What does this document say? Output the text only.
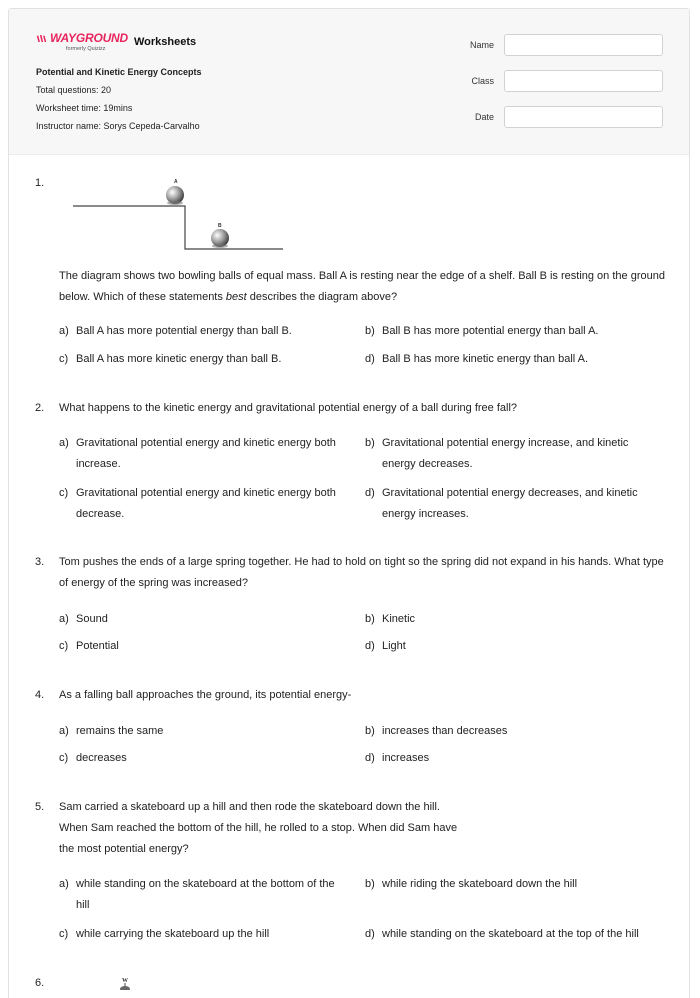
WAYGROUND
formerly Quizizz
Worksheets
Potential and Kinetic Energy Concepts
Total questions: 20
Worksheet time: 19mins
Instructor name: Sorys Cepeda-Carvalho
Name
Class
Date
1.	A
B
The diagram shows two bowling balls of equal mass. Ball A is resting near the edge of a shelf. Ball B is resting on the ground below. Which of these statements best describes the diagram above?
a) Ball A has more potential energy than ball B.	b) Ball B has more potential energy than ball A.
c) Ball A has more kinetic energy than ball B.	d) Ball B has more kinetic energy than ball A.
2. What happens to the kinetic energy and gravitational potential energy of a ball during free fall?
a) Gravitational potential energy and kinetic energy both increase.
b) Gravitational potential energy increase, and kinetic energy decreases.
c) Gravitational potential energy and kinetic energy both decrease.
d) Gravitational potential energy decreases, and kinetic energy increases.
3. Tom pushes the ends of a large spring together. He had to hold on tight so the spring did not expand in his hands. What type of energy of the spring was increased?
a) Sound	b) Kinetic
c) Potential	d) Light
4. As a falling ball approaches the ground, its potential energy-
a) remains the same	b) increases than decreases
c) decreases	d) increases
5. Sam carried a skateboard up a hill and then rode the skateboard down the hill.
When Sam reached the bottom of the hill, he rolled to a stop. When did Sam have
the most potential energy?
a) while standing on the skateboard at the bottom of the hill
b) while riding the skateboard down the hill
c) while carrying the skateboard up the hill	d) while standing on the skateboard at the top of the hill
6.	W
